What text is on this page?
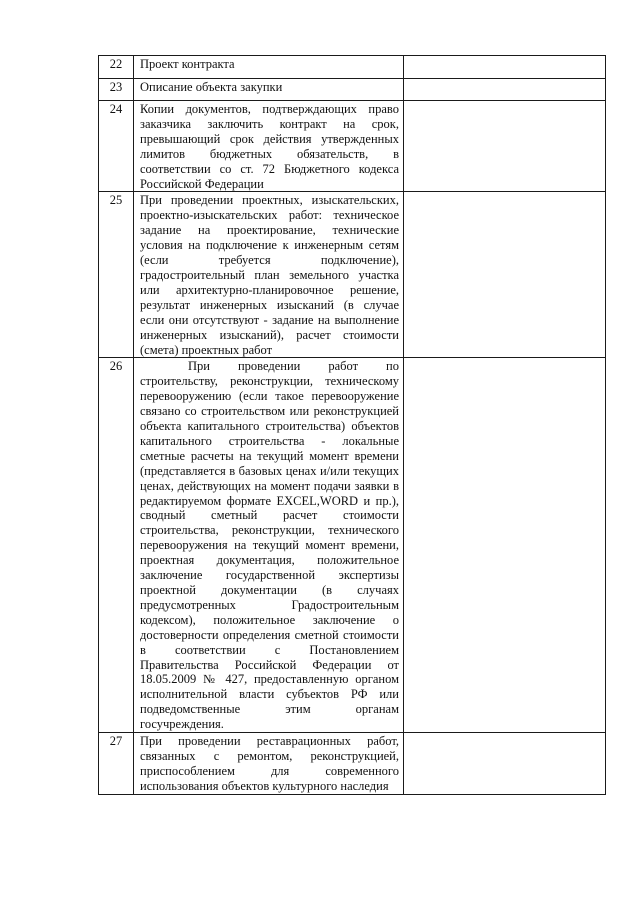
22	Проект контракта	
23	Описание объекта закупки	
24	Копии документов, подтверждающих право заказчика заключить контракт на срок, превышающий срок действия утвержденных лимитов бюджетных обязательств, в соответствии со ст. 72 Бюджетного кодекса Российской Федерации	
25	При проведении проектных, изыскательских, проектно-изыскательских работ: техническое задание на проектирование, технические условия на подключение к инженерным сетям (если требуется подключение), градостроительный план земельного участка или архитектурно-планировочное решение, результат инженерных изысканий (в случае если они отсутствуют - задание на выполнение инженерных изысканий), расчет стоимости (смета) проектных работ	
26	При проведении работ по строительству, реконструкции, техническому перевооружению (если такое перевооружение связано со строительством или реконструкцией объекта капитального строительства) объектов капитального строительства - локальные сметные расчеты на текущий момент времени (представляется в базовых ценах и/или текущих ценах, действующих на момент подачи заявки в редактируемом формате EXCEL,WORD и пр.), сводный сметный расчет стоимости строительства, реконструкции, технического перевооружения на текущий момент времени, проектная документация, положительное заключение государственной экспертизы проектной документации (в случаях предусмотренных Градостроительным кодексом), положительное заключение о достоверности определения сметной стоимости в соответствии с Постановлением Правительства Российской Федерации от 18.05.2009 № 427, предоставленную органом исполнительной власти субъектов РФ или подведомственные этим органам госучреждения.	
27	При проведении реставрационных работ, связанных с ремонтом, реконструкцией, приспособлением для современного использования объектов культурного наследия	
